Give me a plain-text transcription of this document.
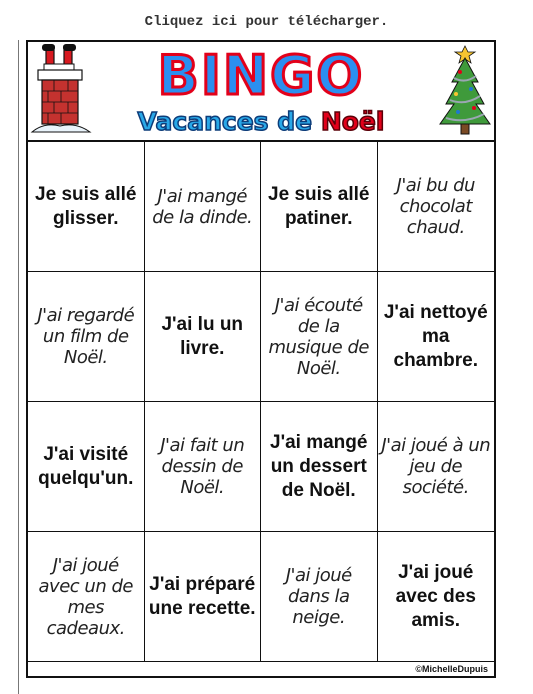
Cliquez ici pour télécharger.
BINGO
Vacances de Noël
Je suis allé glisser.
J'ai mangé de la dinde.
Je suis allé patiner.
J'ai bu du chocolat chaud.
J'ai regardé un film de Noël.
J'ai lu un livre.
J'ai écouté de la musique de Noël.
J'ai nettoyé ma chambre.
J'ai visité quelqu'un.
J'ai fait un dessin de Noël.
J'ai mangé un dessert de Noël.
J'ai joué à un jeu de société.
J'ai joué avec un de mes cadeaux.
J'ai préparé une recette.
J'ai joué dans la neige.
J'ai joué avec des amis.
©MichelleDupuis
